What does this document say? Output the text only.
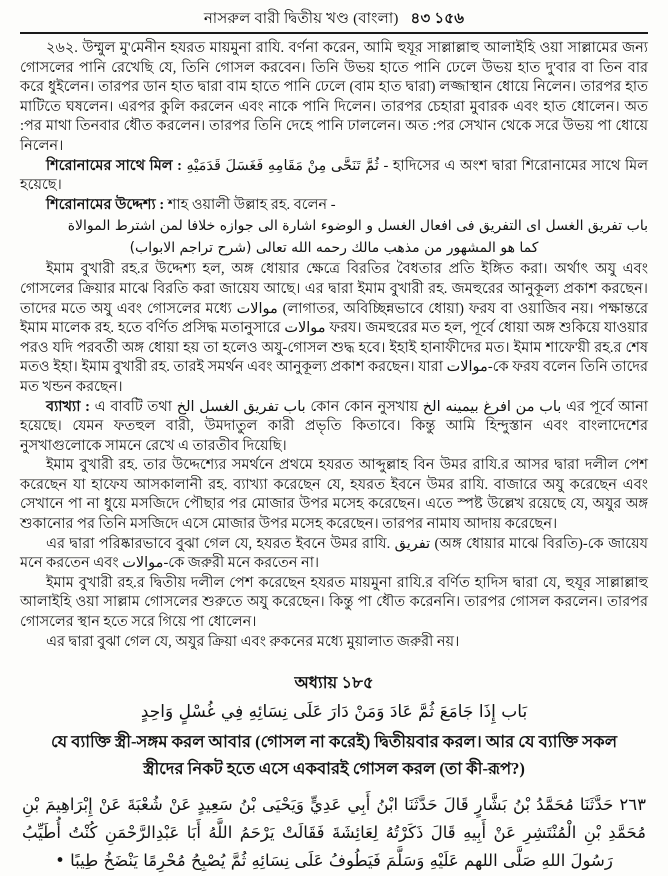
নাসরুল বারী দ্বিতীয় খণ্ড (বাংলা) ৪৩ ১৫৬

২৬২. উম্মুল মু'মেনীন হযরত মায়মুনা রাযি. বর্ণনা করেন, আমি হুযূর সাল্লাল্লাহু আলাইহি ওয়া সাল্লামের জন্য গোসলের পানি রেখেছি যে, তিনি গোসল করবেন। তিনি উভয় হাতে পানি ঢেলে উভয় হাত দু'বার বা তিন বার করে ধুইলেন। তারপর ডান হাত দ্বারা বাম হাতে পানি ঢেলে (বাম হাত দ্বারা) লজ্জাস্থান ধোয়ে নিলেন। তারপর হাত মাটিতে ঘষলেন। এরপর কুলি করলেন এবং নাকে পানি দিলেন। তারপর চেহারা মুবারক এবং হাত ধোলেন। অত :পর মাথা তিনবার ধৌত করলেন। তারপর তিনি দেহে পানি ঢাললেন। অত :পর সেখান থেকে সরে উভয় পা ধোয়ে নিলেন।

শিরোনামের সাথে মিল : ثُمَّ تَنَحَّى مِنْ مَقَامِهِ فَغَسَلَ قَدَمَيْهِ - হাদিসের এ অংশ দ্বারা শিরোনামের সাথে মিল হয়েছে।

শিরোনামের উদ্দেশ্য : শাহ ওয়ালী উল্লাহ রহ. বলেন -

باب تفريق الغسل اى التفريق فى افعال الغسل و الوضوء اشارة الى جوازه خلافا لمن اشترط الموالاة
كما هو المشهور من مذهب مالك رحمه الله تعالى (شرح تراجم الابواب)

ইমাম বুখারী রহ.র উদ্দেশ্য হল, অঙ্গ ধোয়ার ক্ষেত্রে বিরতির বৈধতার প্রতি ইঙ্গিত করা। অর্থাৎ অযু এবং গোসলের ক্রিয়ার মাঝে বিরতি করা জায়েয আছে। এর দ্বারা ইমাম বুখারী রহ. জমহুরের আনুকূল্য প্রকাশ করছেন। তাদের মতে অযু এবং গোসলের মধ্যে موالات (লাগাতর, অবিচ্ছিন্নভাবে ধোয়া) ফরয বা ওয়াজিব নয়। পক্ষান্তরে ইমাম মালেক রহ. হতে বর্ণিত প্রসিদ্ধ মতানুসারে موالات ফরয। জমহুরের মত হল, পূর্বে ধোয়া অঙ্গ শুকিয়ে যাওয়ার পরও যদি পরবর্তী অঙ্গ ধোয়া হয় তা হলেও অযু-গোসল শুদ্ধ হবে। ইহাই হানাফীদের মত। ইমাম শাফে'য়ী রহ.র শেষ মতও ইহা। ইমাম বুখারী রহ. তারই সমর্থন এবং আনুকূল্য প্রকাশ করছেন। যারা موالات-কে ফরয বলেন তিনি তাদের মত খন্ডন করছেন।

ব্যাখ্যা : এ বাবটি তথা باب تفريق الغسل الخ কোন কোন নুসখায় باب من افرغ بيمينه الخ এর পূর্বে আনা হয়েছে। যেমন ফতহুল বারী, উমদাতুল কারী প্রভৃতি কিতাবে। কিন্তু আমি হিন্দুস্তান এবং বাংলাদেশের নুসখাগুলোকে সামনে রেখে এ তারতীব দিয়েছি।

ইমাম বুখারী রহ. তার উদ্দেশ্যের সমর্থনে প্রথমে হযরত আব্দুল্লাহ বিন উমর রাযি.র আসর দ্বারা দলীল পেশ করেছেন যা হাফেয আসকালানী রহ. ব্যাখ্যা করেছেন যে, হযরত ইবনে উমর রাযি. বাজারে অযু করেছেন এবং সেখানে পা না ধুয়ে মসজিদে পৌছার পর মোজার উপর মসেহ করেছেন। এতে স্পষ্ট উল্লেখ রয়েছে যে, অযুর অঙ্গ শুকানোর পর তিনি মসজিদে এসে মোজার উপর মসেহ করেছেন। তারপর নামায আদায় করেছেন।

এর দ্বারা পরিষ্কারভাবে বুঝা গেল যে, হযরত ইবনে উমর রাযি. تفريق (অঙ্গ ধোয়ার মাঝে বিরতি)-কে জায়েয মনে করতেন এবং موالات-কে জরুরী মনে করতেন না।

ইমাম বুখারী রহ.র দ্বিতীয় দলীল পেশ করেছেন হযরত মায়মুনা রাযি.র বর্ণিত হাদিস দ্বারা যে, হুযূর সাল্লাল্লাহু আলাইহি ওয়া সাল্লাম গোসলের শুরুতে অযু করেছেন। কিন্তু পা ধৌত করেননি। তারপর গোসল করলেন। তারপর গোসলের স্থান হতে সরে গিয়ে পা ধোলেন।

এর দ্বারা বুঝা গেল যে, অযুর ক্রিয়া এবং রুকনের মধ্যে মুয়ালাত জরুরী নয়।

অধ্যায় ১৮৫
بَاب إِذَا جَامَعَ ثُمَّ عَادَ وَمَنْ دَارَ عَلَى نِسَائِهِ فِي غُسْلٍ وَاحِدٍ
যে ব্যাক্তি স্ত্রী-সঙ্গম করল আবার (গোসল না করেই) দ্বিতীয়বার করল। আর যে ব্যাক্তি সকল স্ত্রীদের নিকট হতে এসে একবারই গোসল করল (তা কী-রূপ?)
٢٦٣ حَدَّثَنَا مُحَمَّدُ بْنُ بَشَّارٍ قَالَ حَدَّثَنَا ابْنُ أَبِي عَدِيٍّ وَيَحْيَى بْنُ سَعِيدٍ عَنْ شُعْبَةَ عَنْ إِبْرَاهِيمَ بْنِ مُحَمَّدِ بْنِ الْمُنْتَشِرِ عَنْ أَبِيهِ قَالَ ذَكَرْتُهُ لِعَائِشَةَ فَقَالَتْ يَرْحَمُ اللَّهُ أَبَا عَبْدِالرَّحْمَنِ كُنْتُ أُطَيِّبُ رَسُولَ اللهِ صَلَّى اللهم عَلَيْهِ وَسَلَّمَ فَيَطُوفُ عَلَى نِسَائِهِ ثُمَّ يُصْبِحُ مُحْرِمًا يَنْضَخُ طِيبًا •
